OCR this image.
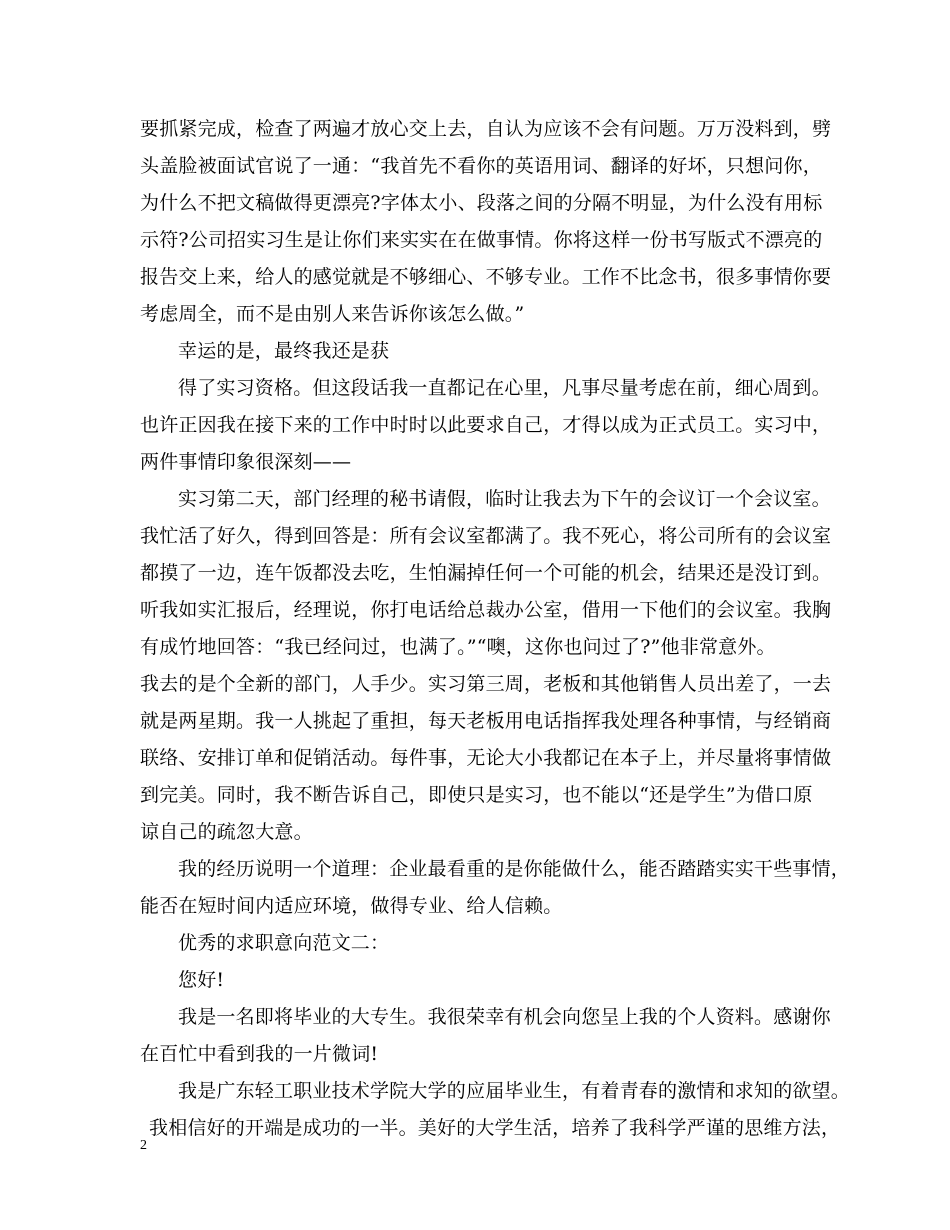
要抓紧完成，检查了两遍才放心交上去，自认为应该不会有问题。万万没料到，劈
头盖脸被面试官说了一通：“我首先不看你的英语用词、翻译的好坏，只想问你，
为什么不把文稿做得更漂亮?字体太小、段落之间的分隔不明显，为什么没有用标
示符?公司招实习生是让你们来实实在在做事情。你将这样一份书写版式不漂亮的
报告交上来，给人的感觉就是不够细心、不够专业。工作不比念书，很多事情你要
考虑周全，而不是由别人来告诉你该怎么做。”
幸运的是，最终我还是获
得了实习资格。但这段话我一直都记在心里，凡事尽量考虑在前，细心周到。
也许正因我在接下来的工作中时时以此要求自己，才得以成为正式员工。实习中，
两件事情印象很深刻——
实习第二天，部门经理的秘书请假，临时让我去为下午的会议订一个会议室。
我忙活了好久，得到回答是：所有会议室都满了。我不死心，将公司所有的会议室
都摸了一边，连午饭都没去吃，生怕漏掉任何一个可能的机会，结果还是没订到。
听我如实汇报后，经理说，你打电话给总裁办公室，借用一下他们的会议室。我胸
有成竹地回答：“我已经问过，也满了。”“噢，这你也问过了?”他非常意外。
我去的是个全新的部门，人手少。实习第三周，老板和其他销售人员出差了，一去
就是两星期。我一人挑起了重担，每天老板用电话指挥我处理各种事情，与经销商
联络、安排订单和促销活动。每件事，无论大小我都记在本子上，并尽量将事情做
到完美。同时，我不断告诉自己，即使只是实习，也不能以“还是学生”为借口原
谅自己的疏忽大意。
我的经历说明一个道理：企业最看重的是你能做什么，能否踏踏实实干些事情，
能否在短时间内适应环境，做得专业、给人信赖。
优秀的求职意向范文二：
您好!
我是一名即将毕业的大专生。我很荣幸有机会向您呈上我的个人资料。感谢你
在百忙中看到我的一片微词!
我是广东轻工职业技术学院大学的应届毕业生，有着青春的激情和求知的欲望。
我相信好的开端是成功的一半。美好的大学生活，培养了我科学严谨的思维方法，
2
